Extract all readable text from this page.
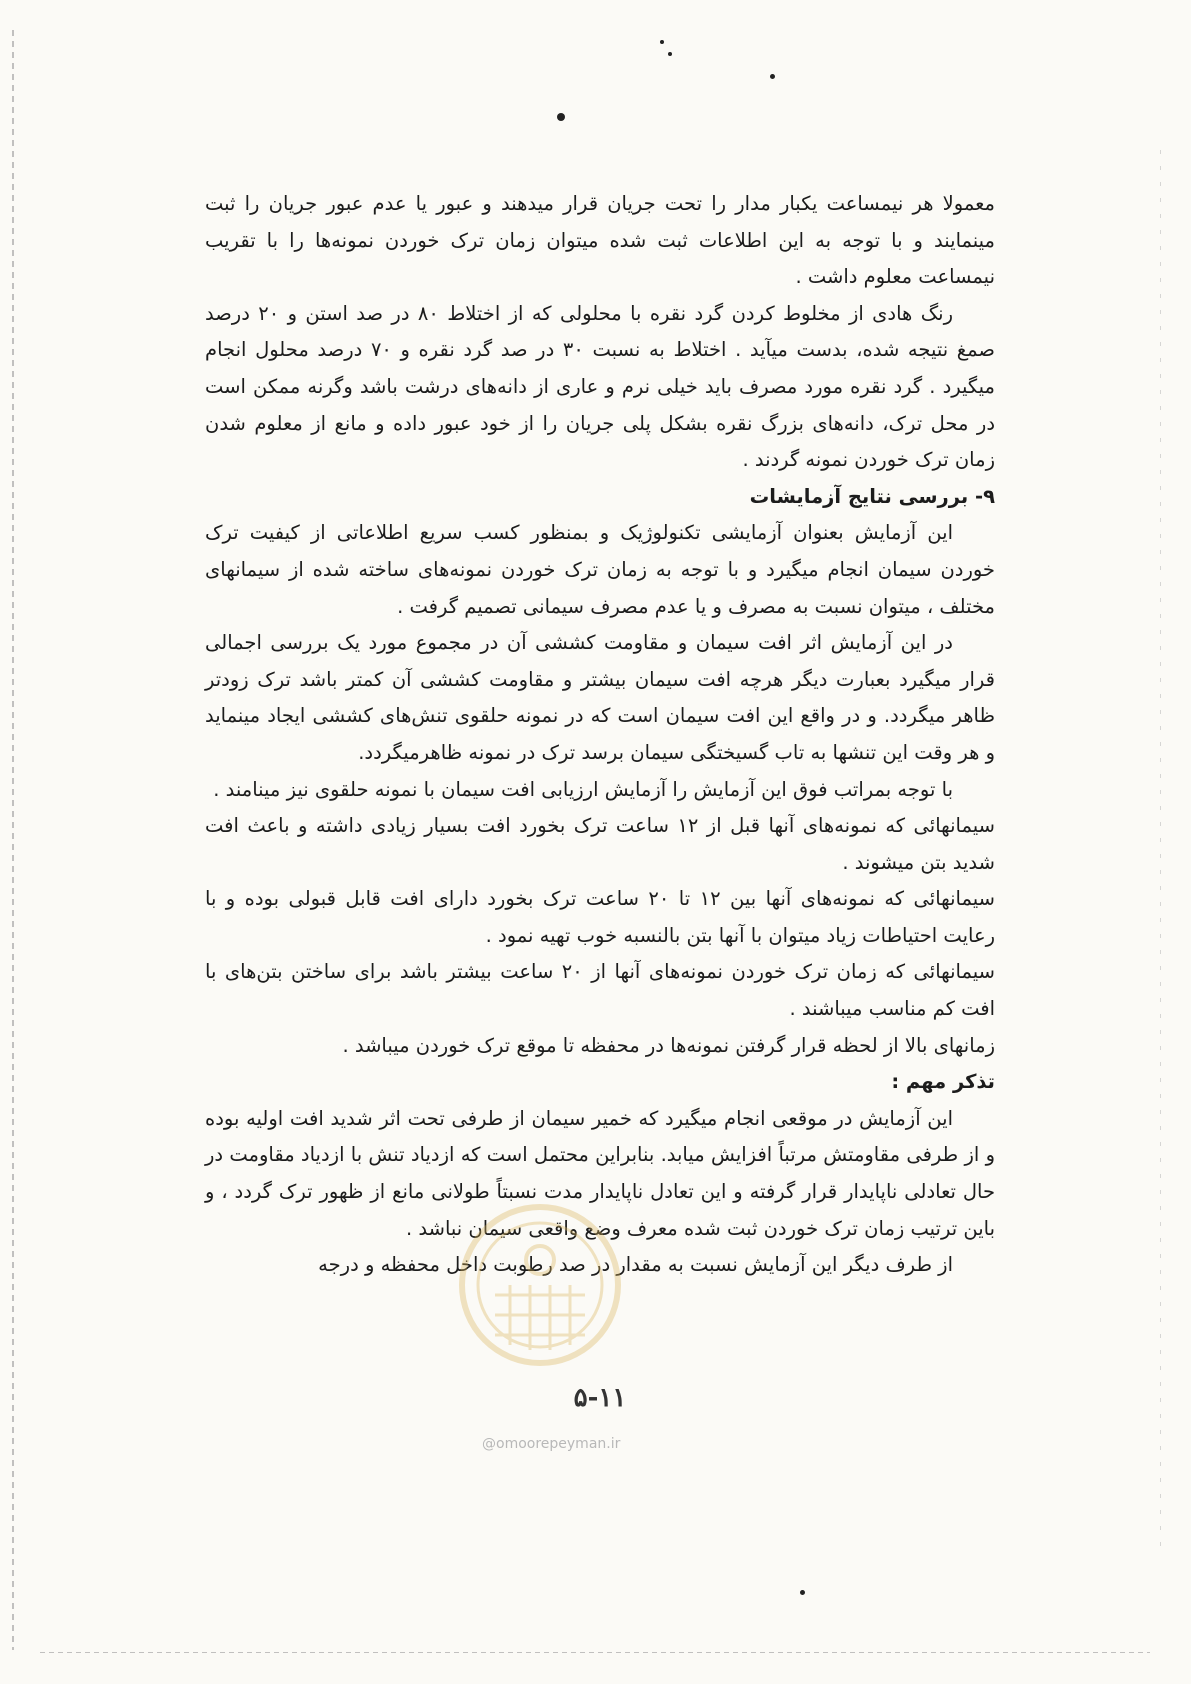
معمولا هر نیمساعت یکبار مدار را تحت جریان قرار میدهند و عبور یا عدم عبور جریان را ثبت مینمایند و با توجه به این اطلاعات ثبت شده میتوان زمان ترک خوردن نمونه‌ها را با تقریب نیمساعت معلوم داشت .

رنگ هادی از مخلوط کردن گرد نقره با محلولی که از اختلاط ۸۰ در صد استن و ۲۰ درصد صمغ نتیجه شده، بدست میآید . اختلاط به نسبت ۳۰ در صد گرد نقره و ۷۰ درصد محلول انجام میگیرد . گرد نقره مورد مصرف باید خیلی نرم و عاری از دانه‌های درشت باشد وگرنه ممکن است در محل ترک، دانه‌های بزرگ نقره بشکل پلی جریان را از خود عبور داده و مانع از معلوم شدن زمان ترک خوردن نمونه گردند .

۹- بررسی نتایج آزمایشات

این آزمایش بعنوان آزمایشی تکنولوژیک و بمنظور کسب سریع اطلاعاتی از کیفیت ترک خوردن سیمان انجام میگیرد و با توجه به زمان ترک خوردن نمونه‌های ساخته شده از سیمانهای مختلف ، میتوان نسبت به مصرف و یا عدم مصرف سیمانی تصمیم گرفت .

در این آزمایش اثر افت سیمان و مقاومت کششی آن در مجموع مورد یک بررسی اجمالی قرار میگیرد بعبارت دیگر هرچه افت سیمان بیشتر و مقاومت کششی آن کمتر باشد ترک زودتر ظاهر میگردد. و در واقع این افت سیمان است که در نمونه حلقوی تنش‌های کششی ایجاد مینماید و هر وقت این تنشها به تاب گسیختگی سیمان برسد ترک در نمونه ظاهرمیگردد.

با توجه بمراتب فوق این آزمایش را آزمایش ارزیابی افت سیمان با نمونه حلقوی نیز مینامند .

سیمانهائی که نمونه‌های آنها قبل از ۱۲ ساعت ترک بخورد افت بسیار زیادی داشته و باعث افت شدید بتن میشوند .

سیمانهائی که نمونه‌های آنها بین ۱۲ تا ۲۰ ساعت ترک بخورد دارای افت قابل قبولی بوده و با رعایت احتیاطات زیاد میتوان با آنها بتن بالنسبه خوب تهیه نمود .

سیمانهائی که زمان ترک خوردن نمونه‌های آنها از ۲۰ ساعت بیشتر باشد برای ساختن بتن‌های با افت کم مناسب میباشند .

زمانهای بالا از لحظه قرار گرفتن نمونه‌ها در محفظه تا موقع ترک خوردن میباشد .

تذکر مهم :

این آزمایش در موقعی انجام میگیرد که خمیر سیمان از طرفی تحت اثر شدید افت اولیه بوده و از طرفی مقاومتش مرتباً افزایش میابد. بنابراین محتمل است که ازدیاد تنش با ازدیاد مقاومت در حال تعادلی ناپایدار قرار گرفته و این تعادل ناپایدار مدت نسبتاً طولانی مانع از ظهور ترک گردد ، و باین ترتیب زمان ترک خوردن ثبت شده معرف وضع واقعی سیمان نباشد .

از طرف دیگر این آزمایش نسبت به مقدار در صد رطوبت داخل محفظه و درجه

۵-۱۱
@omoorepeyman.ir
